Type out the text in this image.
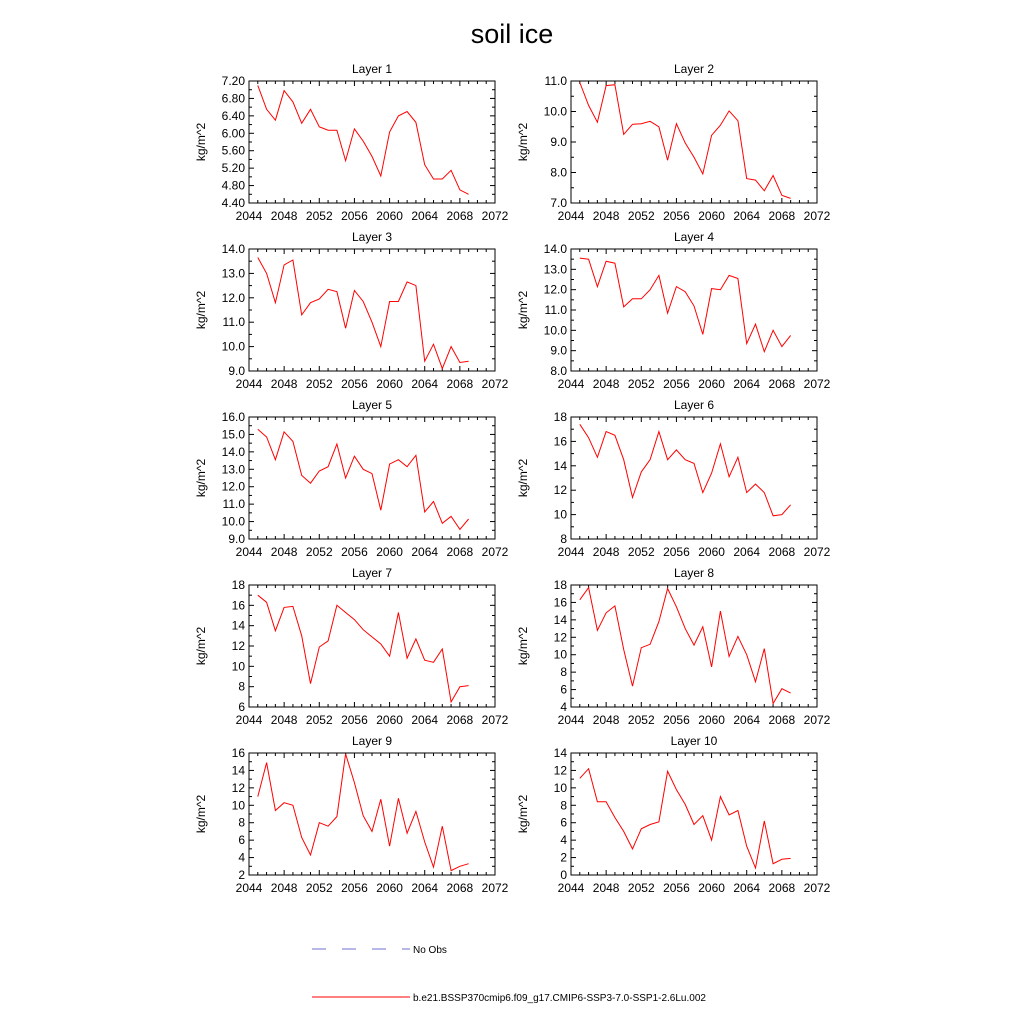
soil ice
Layer 1
kg/m^2
2044 2048 2052 2056 2060 2064 2068 2072
4.40
4.80
5.20
5.60
6.00
6.40
6.80
7.20
Layer 2
kg/m^2
2044 2048 2052 2056 2060 2064 2068 2072
7.0
8.0
9.0
10.0
11.0
Layer 3
kg/m^2
2044 2048 2052 2056 2060 2064 2068 2072
9.0
10.0
11.0
12.0
13.0
14.0
Layer 4
kg/m^2
2044 2048 2052 2056 2060 2064 2068 2072
8.0
9.0
10.0
11.0
12.0
13.0
14.0
Layer 5
kg/m^2
2044 2048 2052 2056 2060 2064 2068 2072
9.0
10.0
11.0
12.0
13.0
14.0
15.0
16.0
Layer 6
kg/m^2
2044 2048 2052 2056 2060 2064 2068 2072
8
10
12
14
16
18
Layer 7
kg/m^2
2044 2048 2052 2056 2060 2064 2068 2072
6
8
10
12
14
16
18
Layer 8
kg/m^2
2044 2048 2052 2056 2060 2064 2068 2072
4
6
8
10
12
14
16
18
Layer 9
kg/m^2
2044 2048 2052 2056 2060 2064 2068 2072
2
4
6
8
10
12
14
16
Layer 10
kg/m^2
2044 2048 2052 2056 2060 2064 2068 2072
0
2
4
6
8
10
12
14
No Obs
b.e21.BSSP370cmip6.f09_g17.CMIP6-SSP3-7.0-SSP1-2.6Lu.002
